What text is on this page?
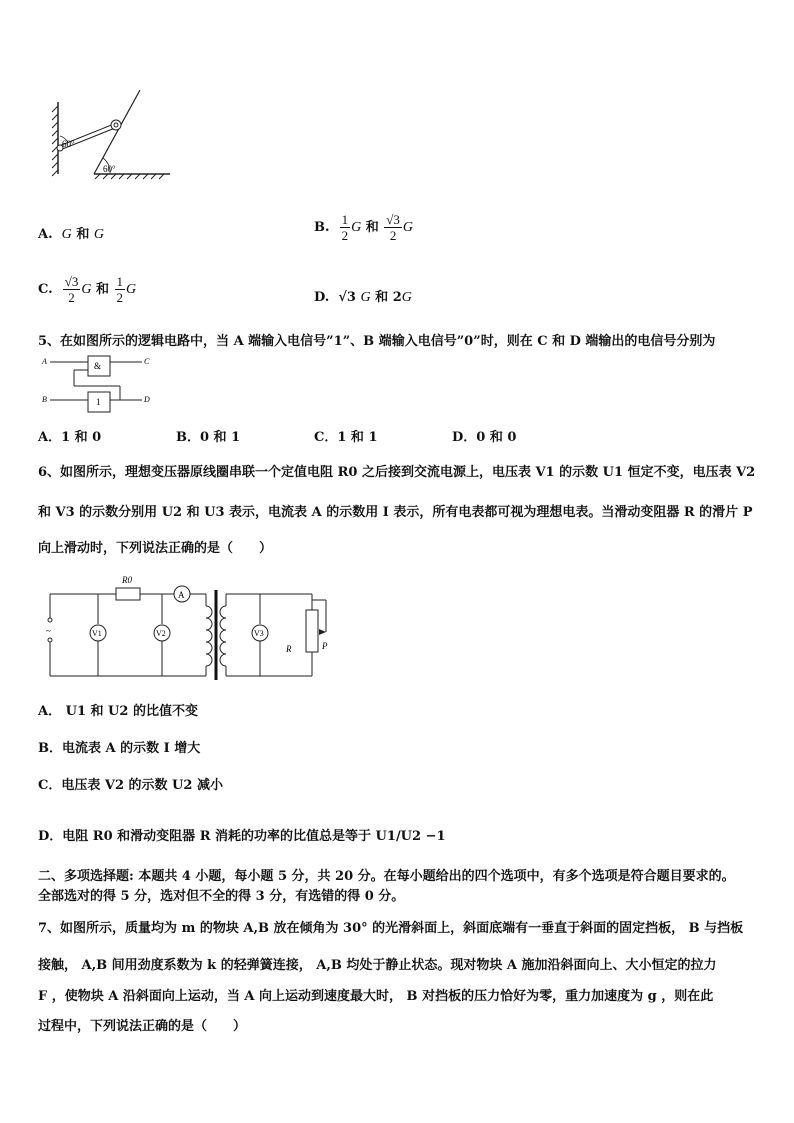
60°
60°
A.  G 和 G	B. $\frac{1}{2}$ G 和 $\frac{√3}{2}$ G
C. $\frac{√3}{2}$ G 和 $\frac{1}{2}$ G
D.  √3 G 和 2G
5、在如图所示的逻辑电路中，当 A 端输入电信号”1”、B 端输入电信号”0”时，则在 C 和 D 端输出的电信号分别为
A	&	C
B	1	D
A．1 和 0	B．0 和 1	C．1 和 1	D．0 和 0
6、如图所示，理想变压器原线圈串联一个定值电阻 R0 之后接到交流电源上，电压表 V1 的示数 U1 恒定不变，电压表 V2
和 V3 的示数分别用 U2 和 U3 表示，电流表 A 的示数用 I 表示，所有电表都可视为理想电表。当滑动变阻器 R 的滑片 P
向上滑动时，下列说法正确的是（　　）
R0
A
~	V1	V2	V3
R	P
A． U1 和 U2 的比值不变
B．电流表 A 的示数 I 增大
C．电压表 V2 的示数 U2 减小
D．电阻 R0 和滑动变阻器 R 消耗的功率的比值总是等于 U1/U2 −1
二、多项选择题: 本题共 4 小题，每小题 5 分，共 20 分。在每小题给出的四个选项中，有多个选项是符合题目要求的。
全部选对的得 5 分，选对但不全的得 3 分，有选错的得 0 分。
7、如图所示，质量均为 m 的物块 A,B 放在倾角为 30° 的光滑斜面上，斜面底端有一垂直于斜面的固定挡板， B 与挡板
接触， A,B 间用劲度系数为 k 的轻弹簧连接， A,B 均处于静止状态。现对物块 A 施加沿斜面向上、大小恒定的拉力
F ，使物块 A 沿斜面向上运动，当 A 向上运动到速度最大时， B 对挡板的压力恰好为零，重力加速度为 g ，则在此
过程中，下列说法正确的是（　　）
